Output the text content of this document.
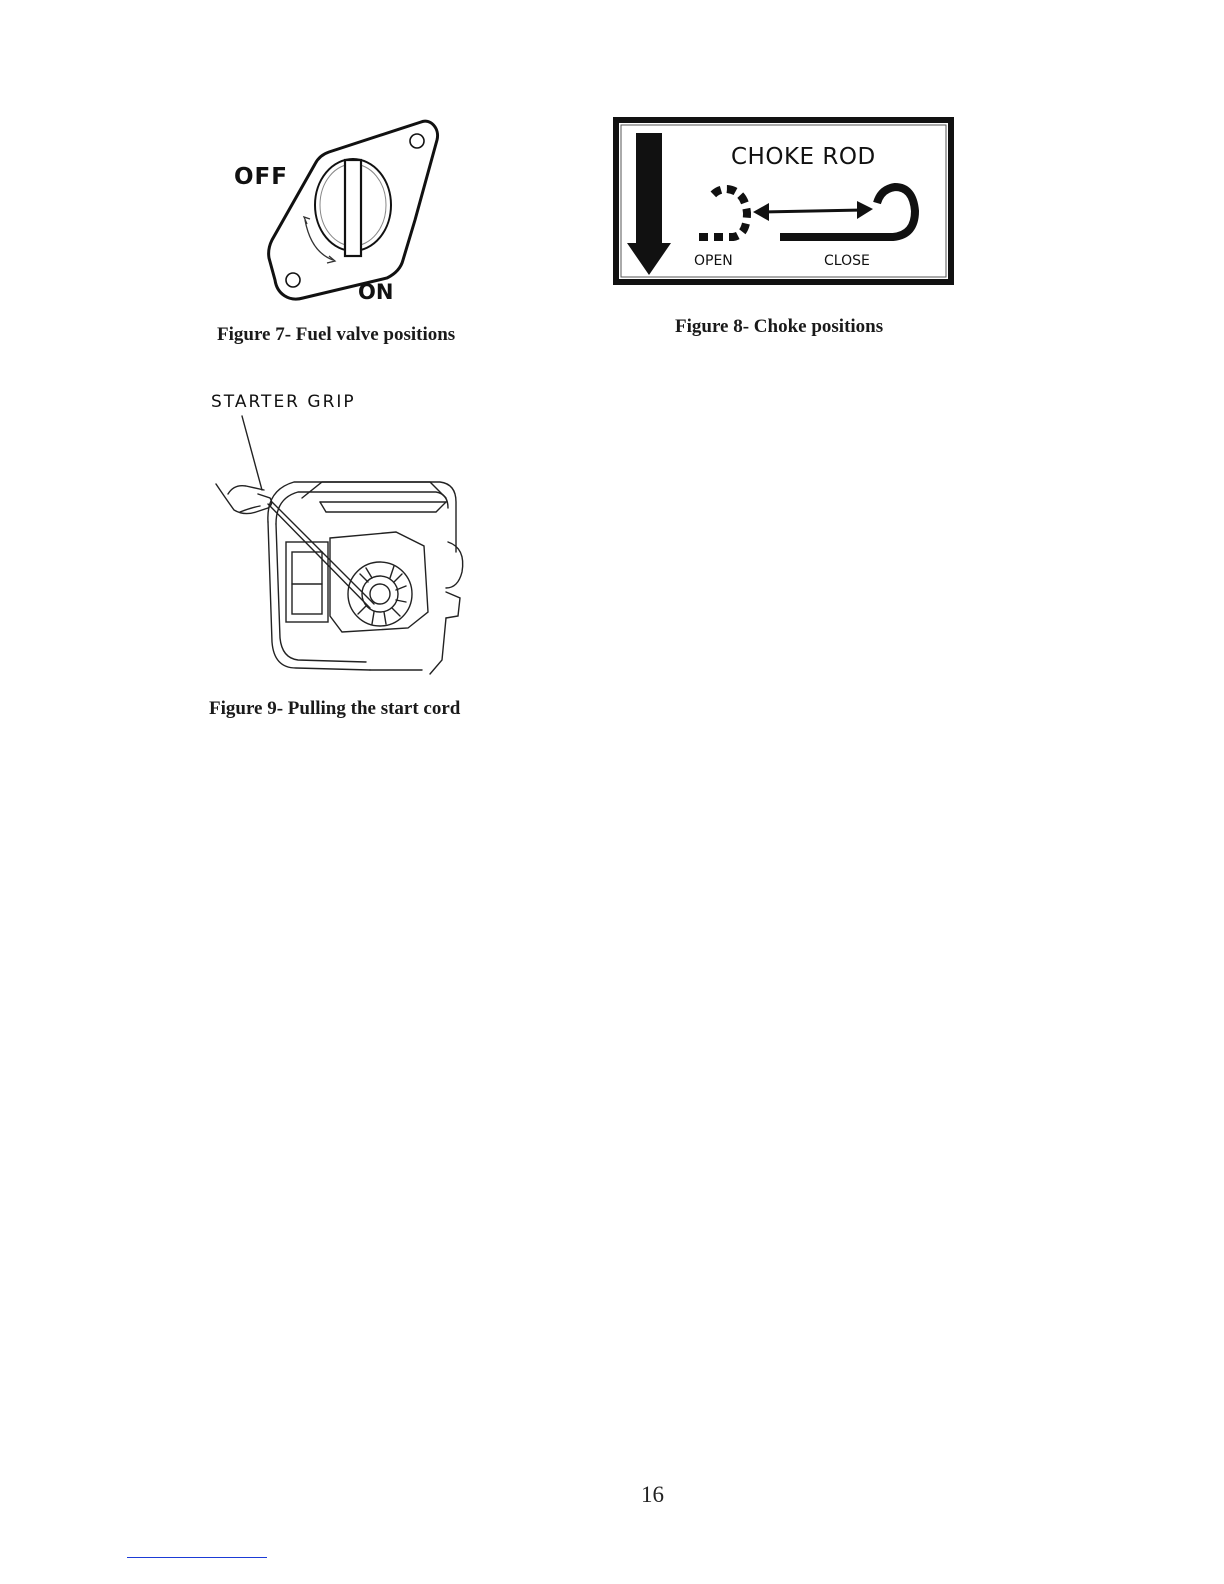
OFF
ON
Figure 7- Fuel valve positions
CHOKE ROD
OPEN	CLOSE
Figure 8- Choke positions
STARTER GRIP
Figure 9- Pulling the start cord
16
